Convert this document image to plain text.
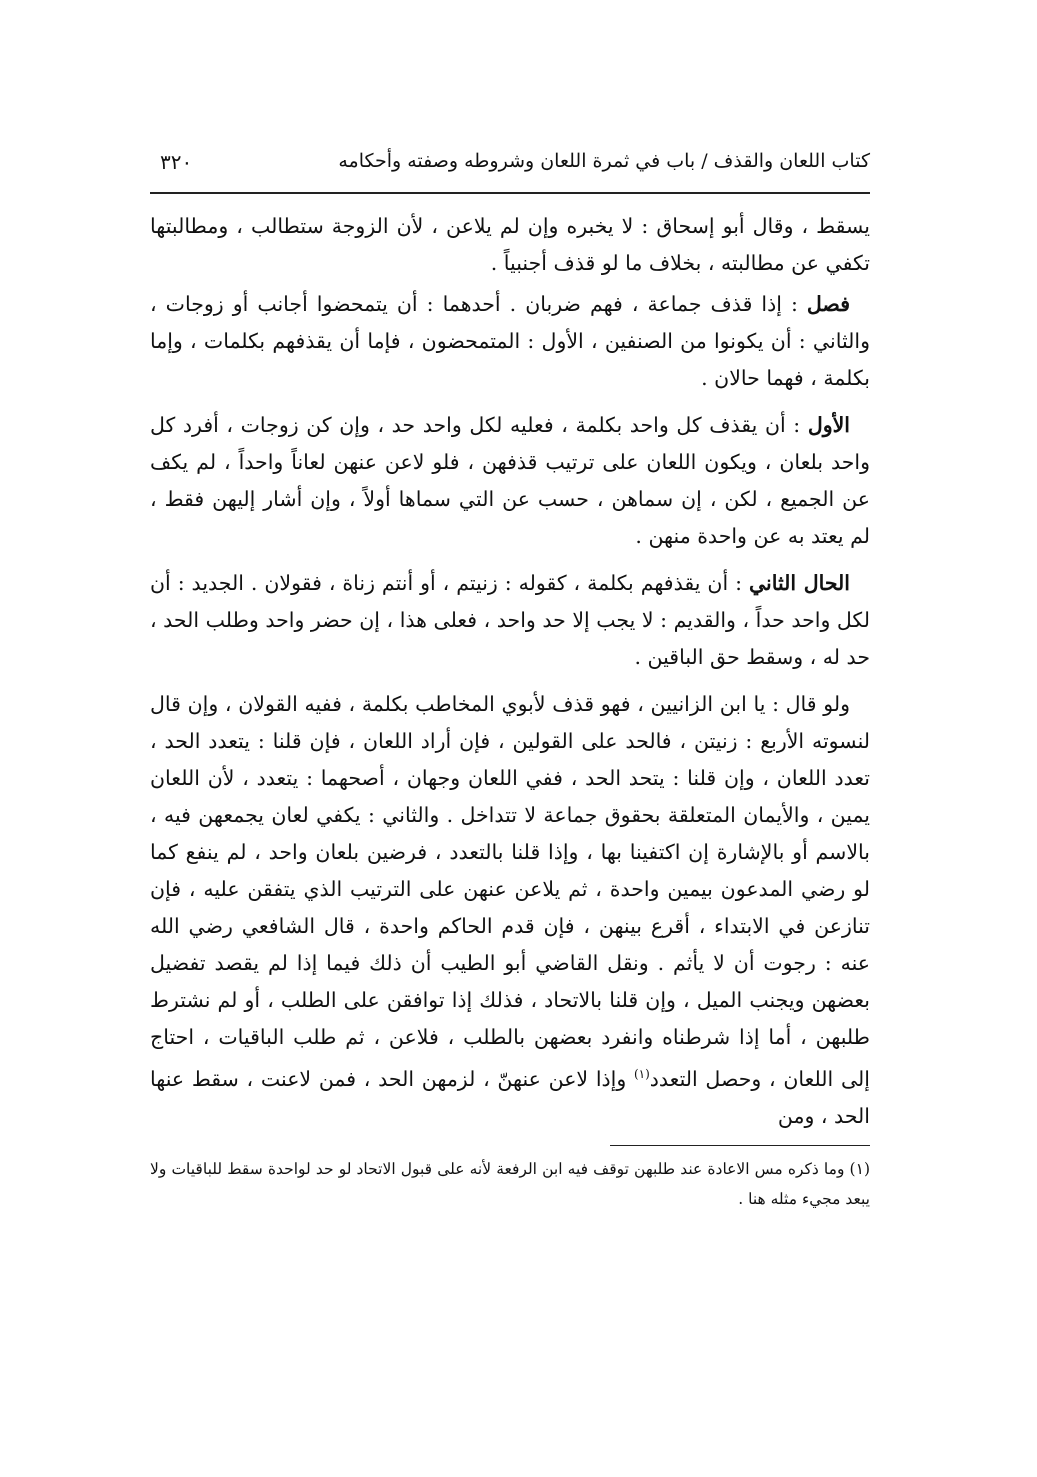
كتاب اللعان والقذف / باب في ثمرة اللعان وشروطه وصفته وأحكامه
٣٢٠

يسقط ، وقال أبو إسحاق : لا يخبره وإن لم يلاعن ، لأن الزوجة ستطالب ، ومطالبتها تكفي عن مطالبته ، بخلاف ما لو قذف أجنبياً .

فصل : إذا قذف جماعة ، فهم ضربان . أحدهما : أن يتمحضوا أجانب أو زوجات ، والثاني : أن يكونوا من الصنفين ، الأول : المتمحضون ، فإما أن يقذفهم بكلمات ، وإما بكلمة ، فهما حالان .

الأول : أن يقذف كل واحد بكلمة ، فعليه لكل واحد حد ، وإن كن زوجات ، أفرد كل واحد بلعان ، ويكون اللعان على ترتيب قذفهن ، فلو لاعن عنهن لعاناً واحداً ، لم يكف عن الجميع ، لكن ، إن سماهن ، حسب عن التي سماها أولاً ، وإن أشار إليهن فقط ، لم يعتد به عن واحدة منهن .

الحال الثاني : أن يقذفهم بكلمة ، كقوله : زنيتم ، أو أنتم زناة ، فقولان . الجديد : أن لكل واحد حداً ، والقديم : لا يجب إلا حد واحد ، فعلى هذا ، إن حضر واحد وطلب الحد ، حد له ، وسقط حق الباقين .

ولو قال : يا ابن الزانيين ، فهو قذف لأبوي المخاطب بكلمة ، ففيه القولان ، وإن قال لنسوته الأربع : زنيتن ، فالحد على القولين ، فإن أراد اللعان ، فإن قلنا : يتعدد الحد ، تعدد اللعان ، وإن قلنا : يتحد الحد ، ففي اللعان وجهان ، أصحهما : يتعدد ، لأن اللعان يمين ، والأيمان المتعلقة بحقوق جماعة لا تتداخل . والثاني : يكفي لعان يجمعهن فيه ، بالاسم أو بالإشارة إن اكتفينا بها ، وإذا قلنا بالتعدد ، فرضين بلعان واحد ، لم ينفع كما لو رضي المدعون بيمين واحدة ، ثم يلاعن عنهن على الترتيب الذي يتفقن عليه ، فإن تنازعن في الابتداء ، أقرع بينهن ، فإن قدم الحاكم واحدة ، قال الشافعي رضي الله عنه : رجوت أن لا يأثم . ونقل القاضي أبو الطيب أن ذلك فيما إذا لم يقصد تفضيل بعضهن ويجنب الميل ، وإن قلنا بالاتحاد ، فذلك إذا توافقن على الطلب ، أو لم نشترط طلبهن ، أما إذا شرطناه وانفرد بعضهن بالطلب ، فلاعن ، ثم طلب الباقيات ، احتاج إلى اللعان ، وحصل التعدد$^{(١)}$ وإذا لاعن عنهنّ ، لزمهن الحد ، فمن لاعنت ، سقط عنها الحد ، ومن

(١) وما ذكره مس الاعادة عند طلبهن توقف فيه ابن الرفعة لأنه على قبول الاتحاد لو حد لواحدة سقط للباقيات ولا يبعد مجيء مثله هنا .
